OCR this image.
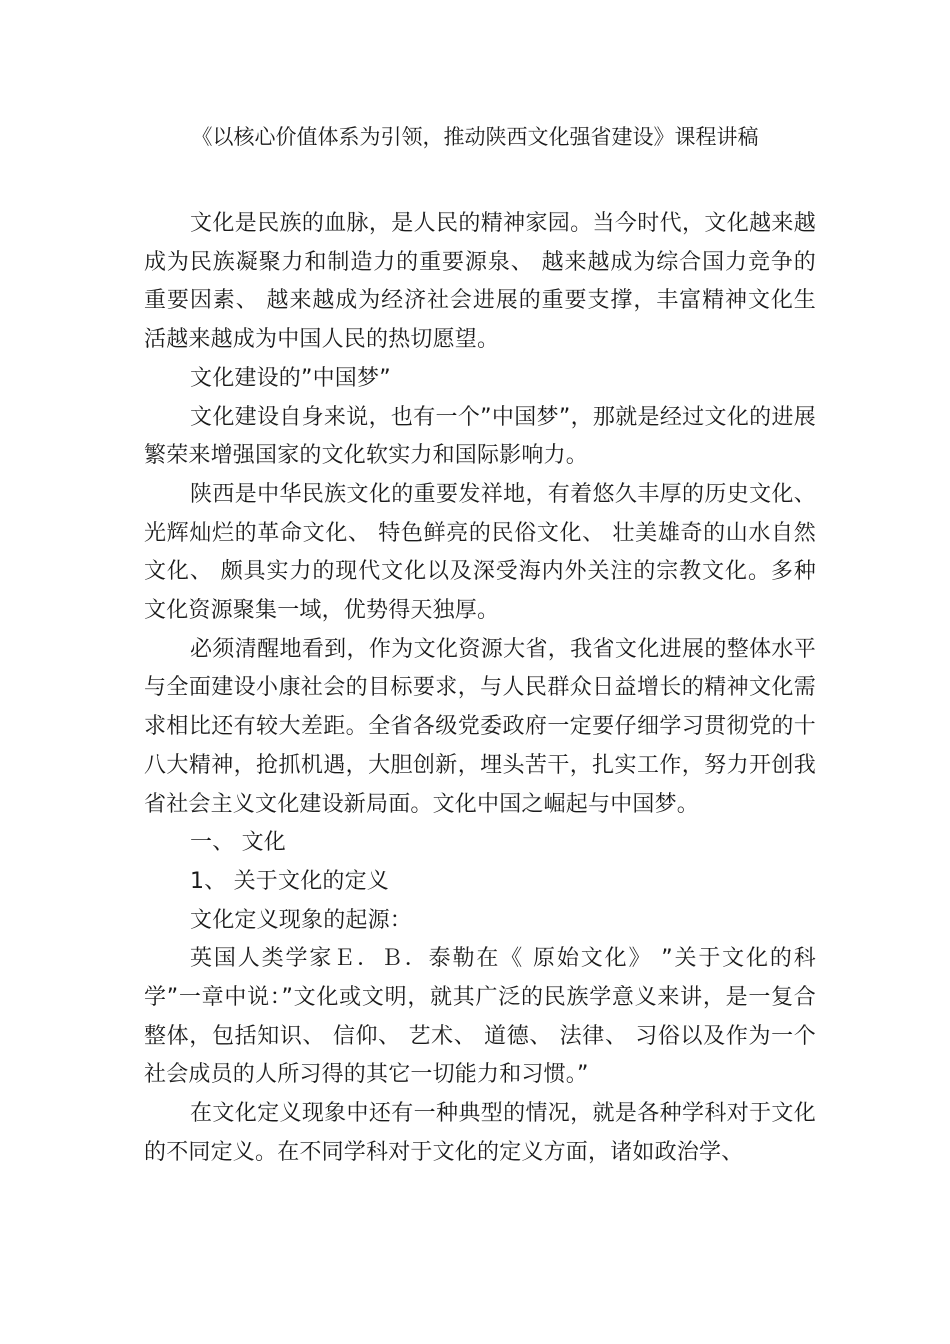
《以核心价值体系为引领，推动陕西文化强省建设》课程讲稿

文化是民族的血脉，是人民的精神家园。当今时代，文化越来越成为民族凝聚力和制造力的重要源泉、 越来越成为综合国力竞争的重要因素、 越来越成为经济社会进展的重要支撑，丰富精神文化生活越来越成为中国人民的热切愿望。

文化建设的”中国梦”

文化建设自身来说，也有一个”中国梦”，那就是经过文化的进展繁荣来增强国家的文化软实力和国际影响力。

陕西是中华民族文化的重要发祥地，有着悠久丰厚的历史文化、 光辉灿烂的革命文化、 特色鲜亮的民俗文化、 壮美雄奇的山水自然文化、 颇具实力的现代文化以及深受海内外关注的宗教文化。多种文化资源聚集一域，优势得天独厚。

必须清醒地看到，作为文化资源大省，我省文化进展的整体水平与全面建设小康社会的目标要求，与人民群众日益增长的精神文化需求相比还有较大差距。全省各级党委政府一定要仔细学习贯彻党的十八大精神，抢抓机遇，大胆创新，埋头苦干，扎实工作，努力开创我省社会主义文化建设新局面。文化中国之崛起与中国梦。

一、 文化

1、 关于文化的定义

文化定义现象的起源：

英国人类学家Ｅ．Ｂ．泰勒在《 原始文化》 ”关于文化的科学”一章中说：”文化或文明，就其广泛的民族学意义来讲，是一复合整体，包括知识、 信仰、 艺术、 道德、 法律、 习俗以及作为一个社会成员的人所习得的其它一切能力和习惯。”

在文化定义现象中还有一种典型的情况，就是各种学科对于文化的不同定义。在不同学科对于文化的定义方面，诸如政治学、
